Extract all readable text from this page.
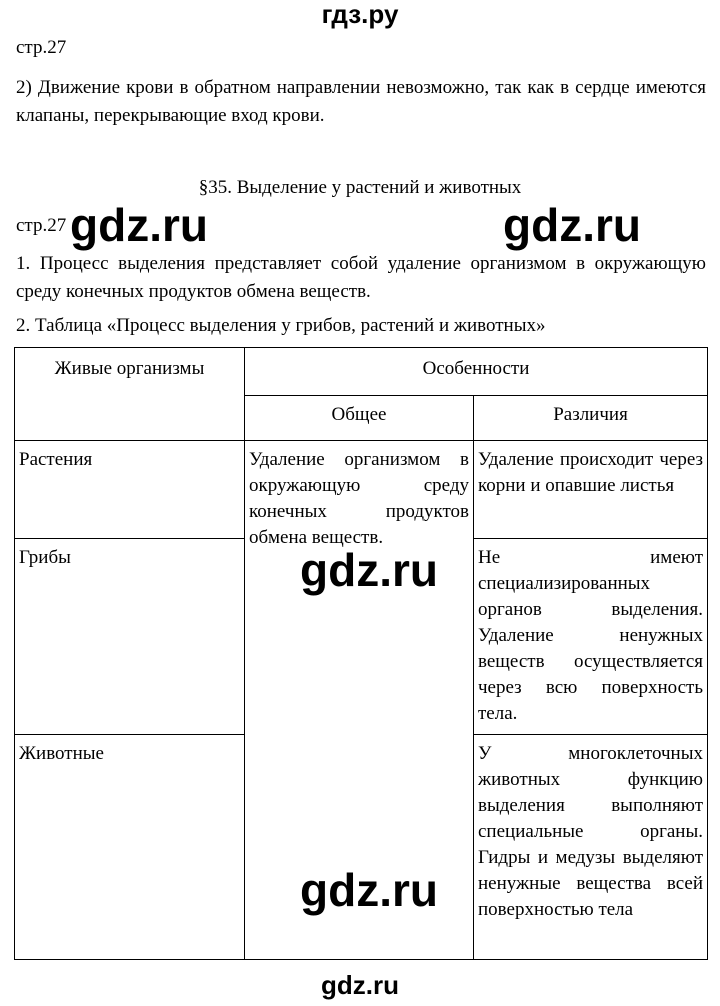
гдз.ру
стр.27
2) Движение крови в обратном направлении невозможно, так как в сердце имеются клапаны, перекрывающие вход крови.
§35. Выделение у растений и животных
стр.27
1. Процесс выделения представляет собой удаление организмом в окружающую среду конечных продуктов обмена веществ.
2. Таблица «Процесс выделения у грибов, растений и животных»
Живые организмы	Особенности	
	Общее	Различия
Растения	Удаление организмом в окружающую среду конечных продуктов обмена веществ.	Удаление происходит через корни и опавшие листья
Грибы		Не имеют специализированных органов выделения. Удаление ненужных веществ осуществляется через всю поверхность тела.
Животные		У многоклеточных животных функцию выделения выполняют специальные органы. Гидры и медузы выделяют ненужные вещества всей поверхностью тела
gdz.ru	gdz.ru
gdz.ru
gdz.ru
gdz.ru
